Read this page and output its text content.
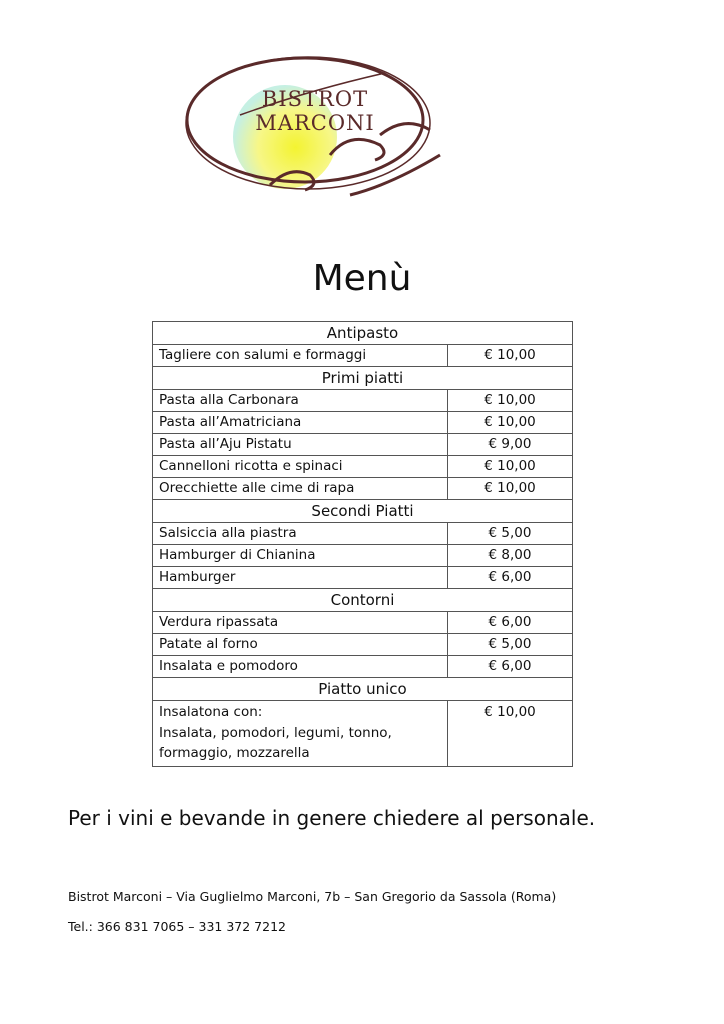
BISTROT
MARCONI
Menù
Antipasto	
Tagliere con salumi e formaggi	€ 10,00
Primi piatti	
Pasta alla Carbonara	€ 10,00
Pasta all’Amatriciana	€ 10,00
Pasta all’Aju Pistatu	€ 9,00
Cannelloni ricotta e spinaci	€ 10,00
Orecchiette alle cime di rapa	€ 10,00
Secondi Piatti	
Salsiccia alla piastra	€ 5,00
Hamburger di Chianina	€ 8,00
Hamburger	€ 6,00
Contorni	
Verdura ripassata	€ 6,00
Patate al forno	€ 5,00
Insalata e pomodoro	€ 6,00
Piatto unico	

Insalatona con:
Insalata, pomodori, legumi, tonno,
formaggio, mozzarella	€ 10,00
Per i vini e bevande in genere chiedere al personale.
Bistrot Marconi – Via Guglielmo Marconi, 7b – San Gregorio da Sassola (Roma)
Tel.: 366 831 7065 – 331 372 7212
